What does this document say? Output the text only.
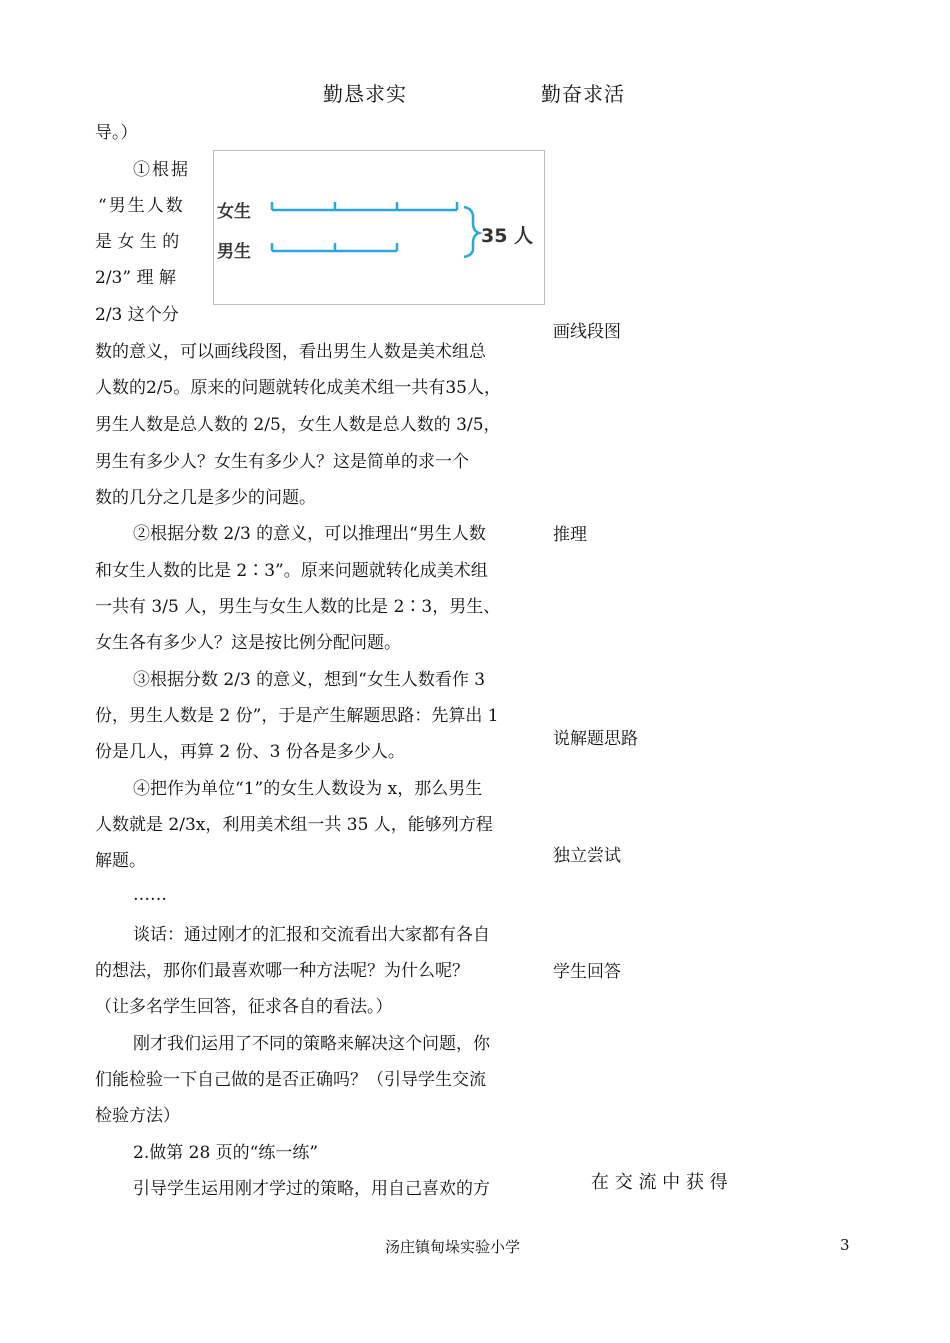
勤恳求实	勤奋求活
导。）
①根据
“男生人数
是 女 生 的
2/3” 理 解
2/3 这个分
数的意义，可以画线段图，看出男生人数是美术组总
人数的2/5。原来的问题就转化成美术组一共有35人，
男生人数是总人数的 2/5，女生人数是总人数的 3/5，
男生有多少人？女生有多少人？这是简单的求一个
数的几分之几是多少的问题。
②根据分数 2/3 的意义，可以推理出“男生人数
和女生人数的比是 2∶3”。原来问题就转化成美术组
一共有 3/5 人，男生与女生人数的比是 2∶3，男生、
女生各有多少人？这是按比例分配问题。
③根据分数 2/3 的意义，想到“女生人数看作 3
份，男生人数是 2 份”，于是产生解题思路：先算出 1
份是几人，再算 2 份、3 份各是多少人。
④把作为单位“1”的女生人数设为 x，那么男生
人数就是 2/3x，利用美术组一共 35 人，能够列方程
解题。
……
谈话：通过刚才的汇报和交流看出大家都有各自
的想法，那你们最喜欢哪一种方法呢？为什么呢？
（让多名学生回答，征求各自的看法。）
刚才我们运用了不同的策略来解决这个问题，你
们能检验一下自己做的是否正确吗？（引导学生交流
检验方法）
2.做第 28 页的“练一练”
引导学生运用刚才学过的策略，用自己喜欢的方
女生
男生
35 人
画线段图
推理
说解题思路
独立尝试
学生回答
在 交 流 中 获 得
汤庄镇甸垛实验小学	3
